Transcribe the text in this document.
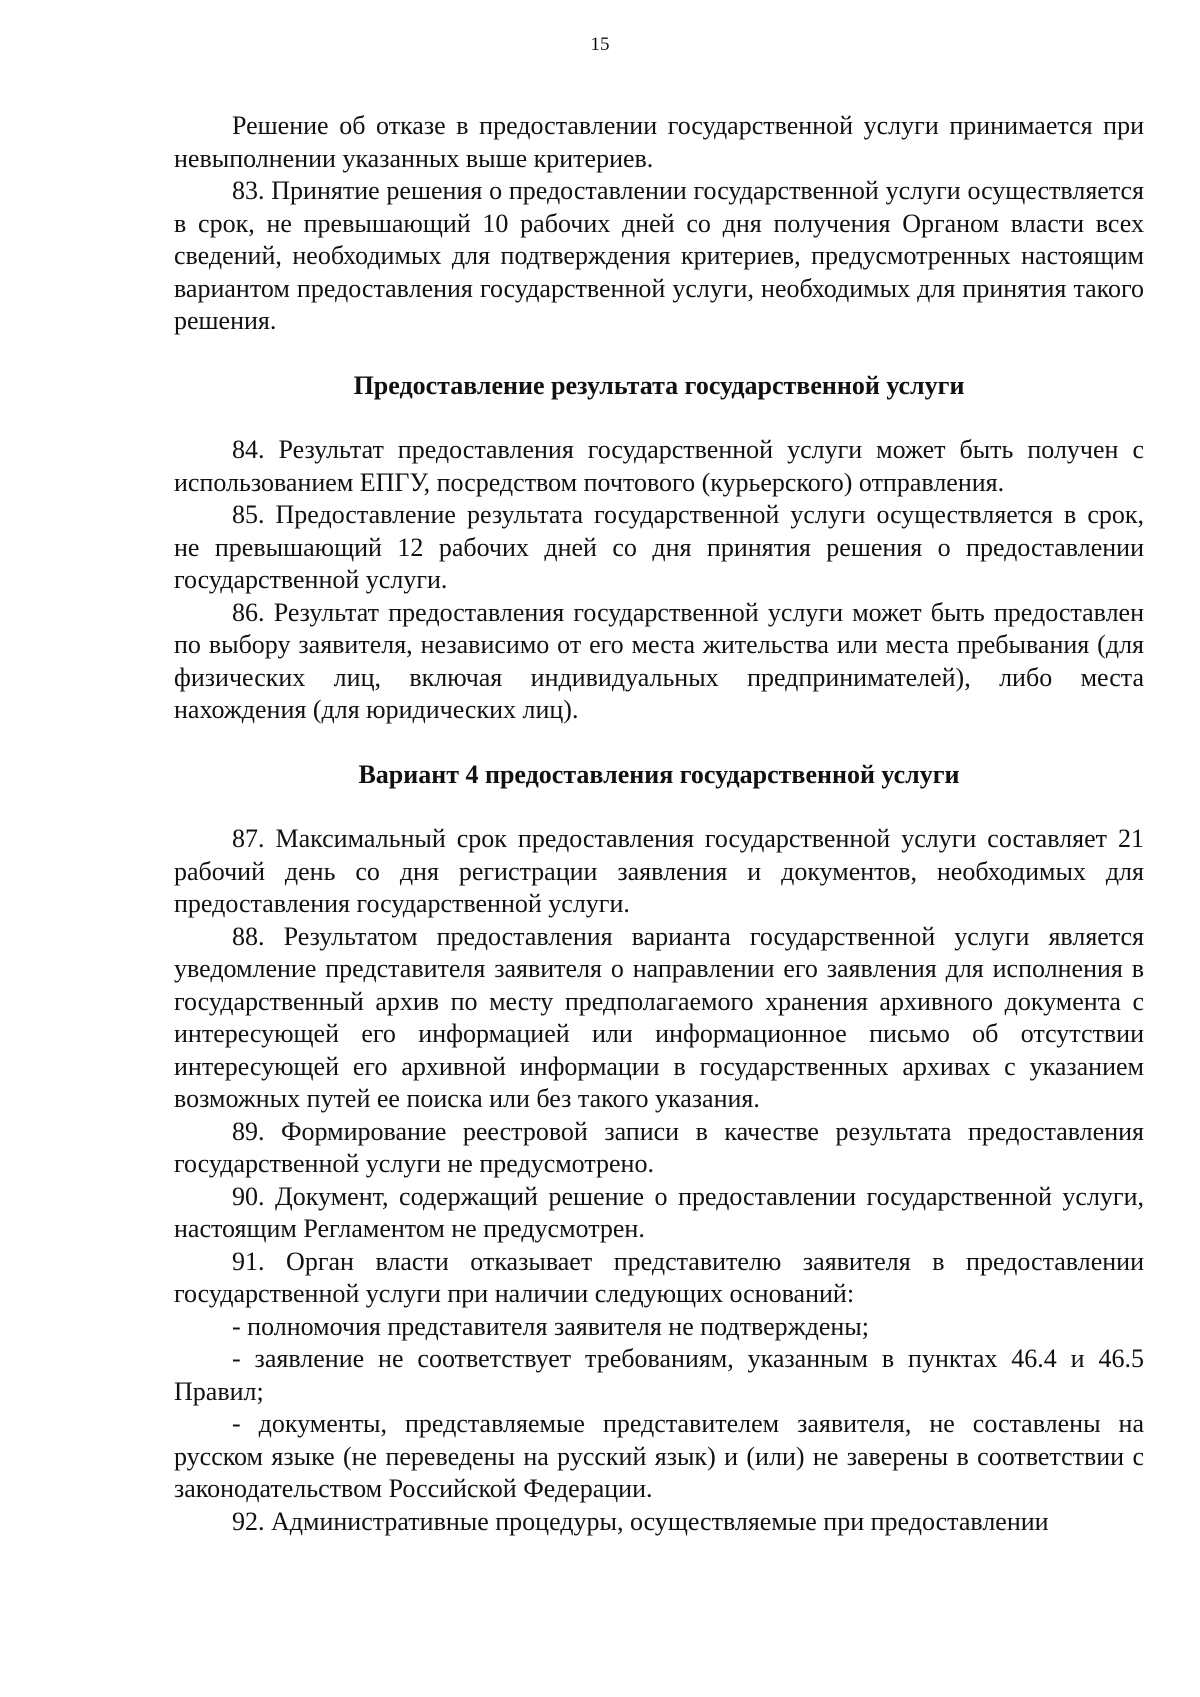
15

Решение об отказе в предоставлении государственной услуги принимается при невыполнении указанных выше критериев.

83. Принятие решения о предоставлении государственной услуги осуществляется в срок, не превышающий 10 рабочих дней со дня получения Органом власти всех сведений, необходимых для подтверждения критериев, предусмотренных настоящим вариантом предоставления государственной услуги, необходимых для принятия такого решения.

Предоставление результата государственной услуги

84. Результат предоставления государственной услуги может быть получен с использованием ЕПГУ, посредством почтового (курьерского) отправления.

85. Предоставление результата государственной услуги осуществляется в срок, не превышающий 12 рабочих дней со дня принятия решения о предоставлении государственной услуги.

86. Результат предоставления государственной услуги может быть предоставлен по выбору заявителя, независимо от его места жительства или места пребывания (для физических лиц, включая индивидуальных предпринимателей), либо места нахождения (для юридических лиц).

Вариант 4 предоставления государственной услуги

87. Максимальный срок предоставления государственной услуги составляет 21 рабочий день со дня регистрации заявления и документов, необходимых для предоставления государственной услуги.

88. Результатом предоставления варианта государственной услуги является уведомление представителя заявителя о направлении его заявления для исполнения в государственный архив по месту предполагаемого хранения архивного документа с интересующей его информацией или информационное письмо об отсутствии интересующей его архивной информации в государственных архивах с указанием возможных путей ее поиска или без такого указания.

89. Формирование реестровой записи в качестве результата предоставления государственной услуги не предусмотрено.

90. Документ, содержащий решение о предоставлении государственной услуги, настоящим Регламентом не предусмотрен.

91. Орган власти отказывает представителю заявителя в предоставлении государственной услуги при наличии следующих оснований:

- полномочия представителя заявителя не подтверждены;

- заявление не соответствует требованиям, указанным в пунктах 46.4 и 46.5 Правил;

- документы, представляемые представителем заявителя, не составлены на русском языке (не переведены на русский язык) и (или) не заверены в соответствии с законодательством Российской Федерации.

92. Административные процедуры, осуществляемые при предоставлении
